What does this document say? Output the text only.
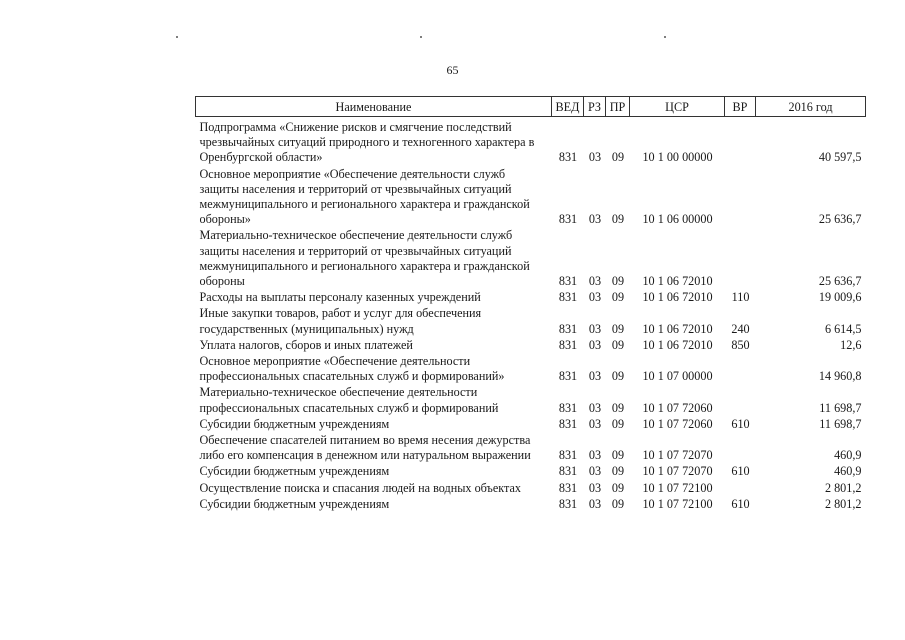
65
Наименование	ВЕД	РЗ	ПР	ЦСР	ВР	2016 год
Подпрограмма «Снижение рисков и смягчение последствий чрезвычайных ситуаций природного и техногенного характера в Оренбургской области»	831	03	09	10 1 00 00000		40 597,5
Основное мероприятие «Обеспечение деятельности служб защиты населения и территорий от чрезвычайных ситуаций межмуниципального и регионального характера и гражданской обороны»	831	03	09	10 1 06 00000		25 636,7
Материально-техническое обеспечение деятельности служб защиты населения и территорий от чрезвычайных ситуаций межмуниципального и регионального характера и гражданской обороны	831	03	09	10 1 06 72010		25 636,7
Расходы на выплаты персоналу казенных учреждений	831	03	09	10 1 06 72010	110	19 009,6
Иные закупки товаров, работ и услуг для обеспечения государственных (муниципальных) нужд	831	03	09	10 1 06 72010	240	6 614,5
Уплата налогов, сборов и иных платежей	831	03	09	10 1 06 72010	850	12,6
Основное мероприятие «Обеспечение деятельности профессиональных спасательных служб и формирований»	831	03	09	10 1 07 00000		14 960,8
Материально-техническое обеспечение деятельности профессиональных спасательных служб и формирований	831	03	09	10 1 07 72060		11 698,7
Субсидии бюджетным учреждениям	831	03	09	10 1 07 72060	610	11 698,7
Обеспечение спасателей питанием во время несения дежурства либо его компенсация в денежном или натуральном выражении	831	03	09	10 1 07 72070		460,9
Субсидии бюджетным учреждениям	831	03	09	10 1 07 72070	610	460,9
Осуществление поиска и спасания людей на водных объектах	831	03	09	10 1 07 72100		2 801,2
Субсидии бюджетным учреждениям	831	03	09	10 1 07 72100	610	2 801,2
